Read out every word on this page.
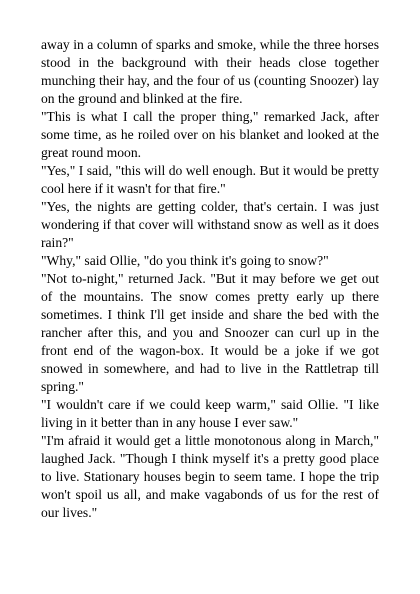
away in a column of sparks and smoke, while the three horses stood in the background with their heads close together munching their hay, and the four of us (counting Snoozer) lay on the ground and blinked at the fire.

"This is what I call the proper thing," remarked Jack, after some time, as he roiled over on his blanket and looked at the great round moon.

"Yes," I said, "this will do well enough. But it would be pretty cool here if it wasn't for that fire."

"Yes, the nights are getting colder, that's certain. I was just wondering if that cover will withstand snow as well as it does rain?"

"Why," said Ollie, "do you think it's going to snow?"

"Not to-night," returned Jack. "But it may before we get out of the mountains. The snow comes pretty early up there sometimes. I think I'll get inside and share the bed with the rancher after this, and you and Snoozer can curl up in the front end of the wagon-box. It would be a joke if we got snowed in somewhere, and had to live in the Rattletrap till spring."

"I wouldn't care if we could keep warm," said Ollie. "I like living in it better than in any house I ever saw."

"I'm afraid it would get a little monotonous along in March," laughed Jack. "Though I think myself it's a pretty good place to live. Stationary houses begin to seem tame. I hope the trip won't spoil us all, and make vagabonds of us for the rest of our lives."
